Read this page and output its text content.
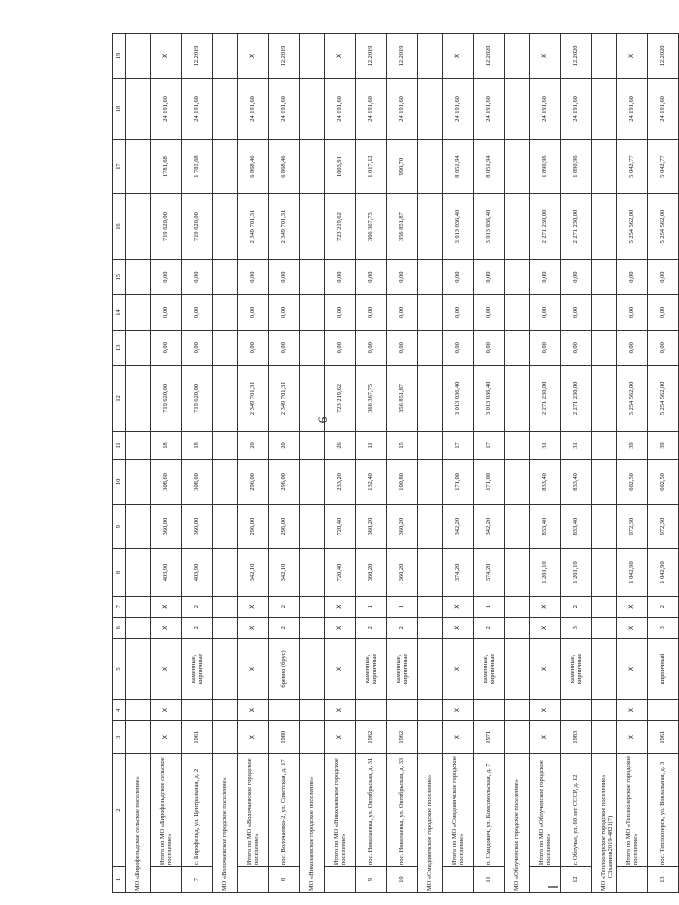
6
1	2	3	4	5	6	7	8	9	10	11	12	13	14	15	16	17	18	19
МО «Бирофельдское сельское поселение»																		
	Итого по МО «Бирофельдское сельское поселение»	X	X	X	X	X	403,90	360,00	308,60	18	719 620,00	0,00	0,00	0,00	719 620,00	1781,68	24 191,60	X
7	с. Бирофельд, ул. Центральная, д. 2	1961		каменные, кирпичные	2	2	403,90	360,00	308,60	18	719 620,00	0,00	0,00	0,00	719 620,00	1 781,68	24 191,60	12.2019
МО «Волочаевское городское поселение»																		
	Итого по МО «Волочаевское городское поселение»	X	X	X	X	X	342,10	296,00	296,00	20	2 349 701,31	0,00	0,00	0,00	2 349 701,31	6 868,46	24 191,60	X
8	пос. Волочаевка-2, ул. Советская, д. 17	1980		бревно (брус)	2	2	342,10	296,00	296,00	20	2 349 701,31	0,00	0,00	0,00	2 349 701,31	6 868,46	24 191,60	12.2019
МО «Николаевское городское поселение»																		
	Итого по МО «Николаевское городское поселение»	X	X	X	X	X	720,40	720,40	233,20	26	723 219,62	0,00	0,00	0,00	723 219,62	1003,91	24 191,60	X
9	пос. Николаевка, ул. Октябрьская, д. 31	1962		каменные, кирпичные	2	1	360,20	360,20	132,40	11	366 367,75	0,00	0,00	0,00	366 367,75	1 017,12	24 191,60	12.2019
10	пос. Николаевка, ул. Октябрьская, д. 33	1962		каменные, кирпичные	2	1	360,20	360,20	100,80	15	356 851,87	0,00	0,00	0,00	356 851,87	990,70	24 191,60	12.2019
МО «Смидовичское городское поселение»																		
	Итого по МО «Смидовичское городское поселение»	X	X	X	X	X	374,20	342,20	171,00	17	3 013 036,40	0,00	0,00	0,00	3 013 036,40	8 051,94	24 191,60	X
11	п. Смидович, ул. Комсомольская, д. 7	1971		каменные, кирпичные	2	1	374,20	342,20	171,00	17	3 013 036,40	0,00	0,00	0,00	3 013 036,40	8 051,94	24 191,60	12.2020
МО «Облученское городское поселение»																		
	Итого по МО «Облученское городское поселение»	X	X	X	X	X	1 201,10	833,40	833,40	31	2 271 230,00	0,00	0,00	0,00	2 271 230,00	1 890,96	24 191,60	X
12	г. Облучье, ул. 60 лет СССР, д. 12	1983		каменные, кирпичные	3	2	1 201,10	833,40	833,40	31	2 271 230,00	0,00	0,00	0,00	2 271 230,00	1 890,96	24 191,60	12.2020
МО «Теплоозерское городское поселение»																		
	Итого по МО «Теплоозерское городское поселение»	X	X	X	X	X	1 042,90	972,30	602,50	39	5 254 562,00	0,00	0,00	0,00	5 254 562,00	5 042,77	24 191,60	X
13	пос. Теплоозерск, ул. Вокзальная, д. 3	1961		кирпичный	3	2	1 042,90	972,30	602,50	39	5 254 562,00	0,00	0,00	0,00	5 254 562,00	5 042,77	24 191,60	12.2020
С3хаинов2019-4821(7)
